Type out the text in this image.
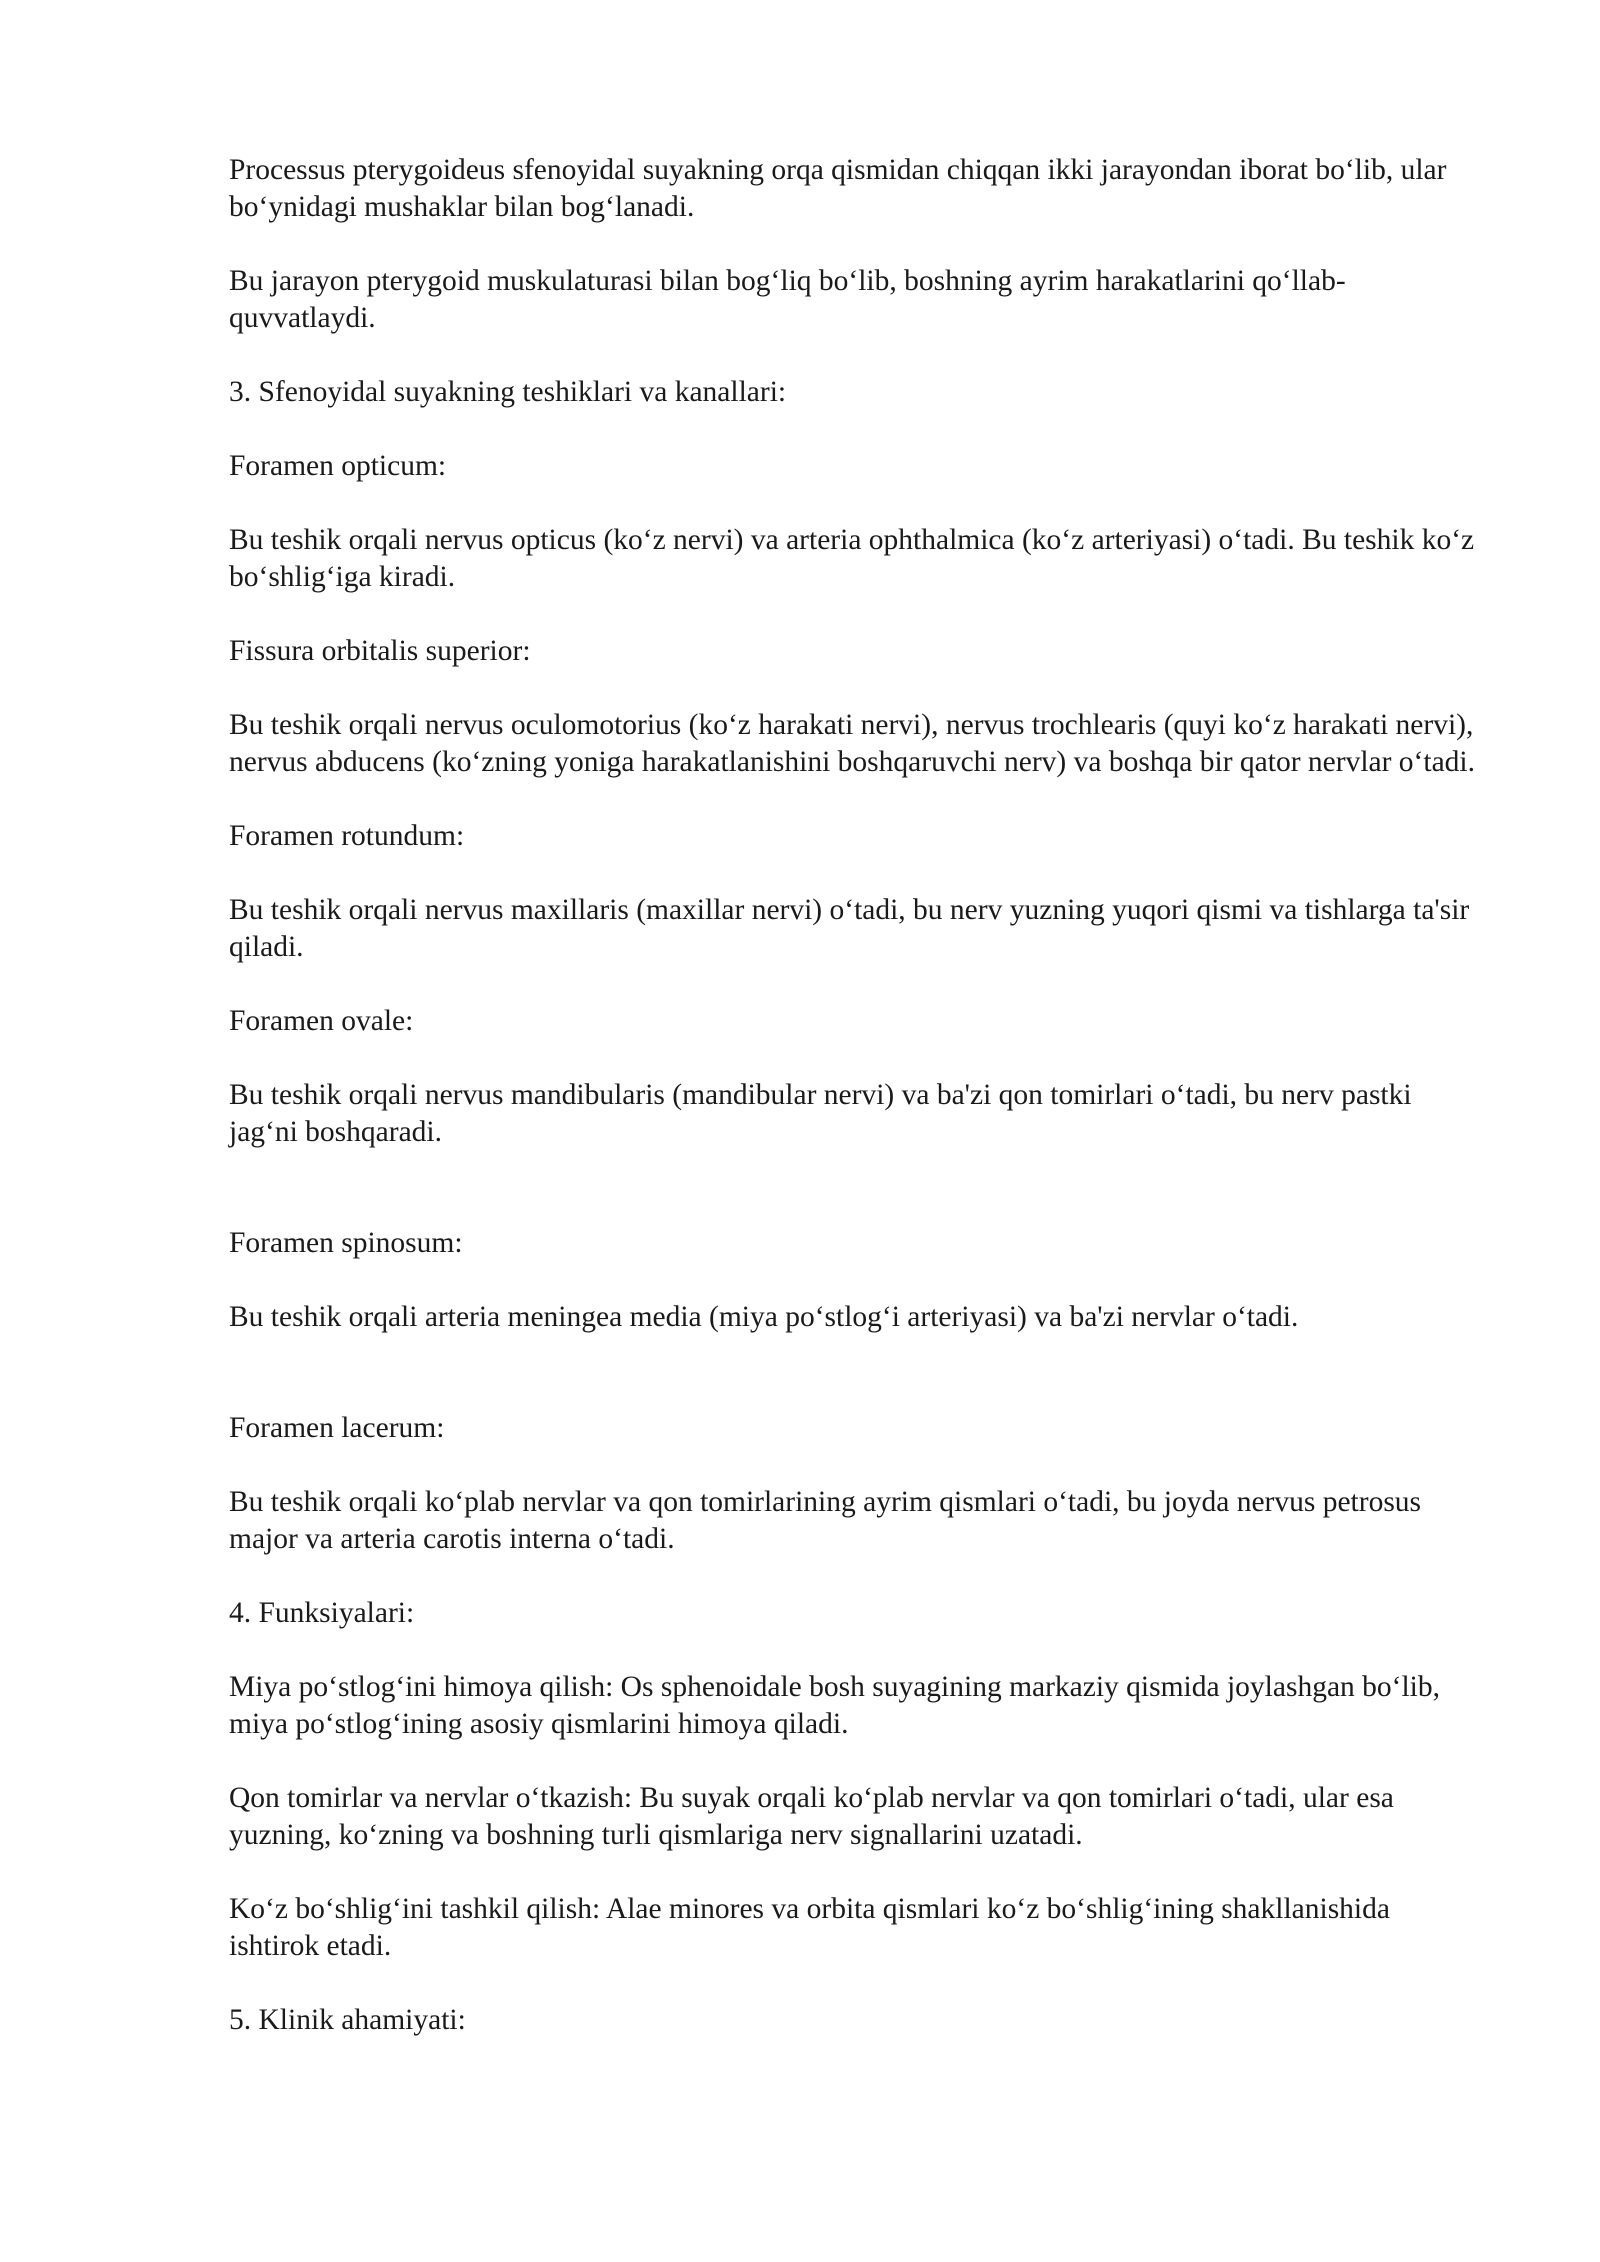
Processus pterygoideus sfenoyidal suyakning orqa qismidan chiqqan ikki jarayondan iborat bo‘lib, ular bo‘ynidagi mushaklar bilan bog‘lanadi.

Bu jarayon pterygoid muskulaturasi bilan bog‘liq bo‘lib, boshning ayrim harakatlarini qo‘llab-quvvatlaydi.

3. Sfenoyidal suyakning teshiklari va kanallari:

Foramen opticum:

Bu teshik orqali nervus opticus (ko‘z nervi) va arteria ophthalmica (ko‘z arteriyasi) o‘tadi. Bu teshik ko‘z bo‘shlig‘iga kiradi.

Fissura orbitalis superior:

Bu teshik orqali nervus oculomotorius (ko‘z harakati nervi), nervus trochlearis (quyi ko‘z harakati nervi), nervus abducens (ko‘zning yoniga harakatlanishini boshqaruvchi nerv) va boshqa bir qator nervlar o‘tadi.

Foramen rotundum:

Bu teshik orqali nervus maxillaris (maxillar nervi) o‘tadi, bu nerv yuzning yuqori qismi va tishlarga ta'sir qiladi.

Foramen ovale:

Bu teshik orqali nervus mandibularis (mandibular nervi) va ba'zi qon tomirlari o‘tadi, bu nerv pastki jag‘ni boshqaradi.

Foramen spinosum:

Bu teshik orqali arteria meningea media (miya po‘stlog‘i arteriyasi) va ba'zi nervlar o‘tadi.

Foramen lacerum:

Bu teshik orqali ko‘plab nervlar va qon tomirlarining ayrim qismlari o‘tadi, bu joyda nervus petrosus major va arteria carotis interna o‘tadi.

4. Funksiyalari:

Miya po‘stlog‘ini himoya qilish: Os sphenoidale bosh suyagining markaziy qismida joylashgan bo‘lib, miya po‘stlog‘ining asosiy qismlarini himoya qiladi.

Qon tomirlar va nervlar o‘tkazish: Bu suyak orqali ko‘plab nervlar va qon tomirlari o‘tadi, ular esa yuzning, ko‘zning va boshning turli qismlariga nerv signallarini uzatadi.

Ko‘z bo‘shlig‘ini tashkil qilish: Alae minores va orbita qismlari ko‘z bo‘shlig‘ining shakllanishida ishtirok etadi.

5. Klinik ahamiyati:
